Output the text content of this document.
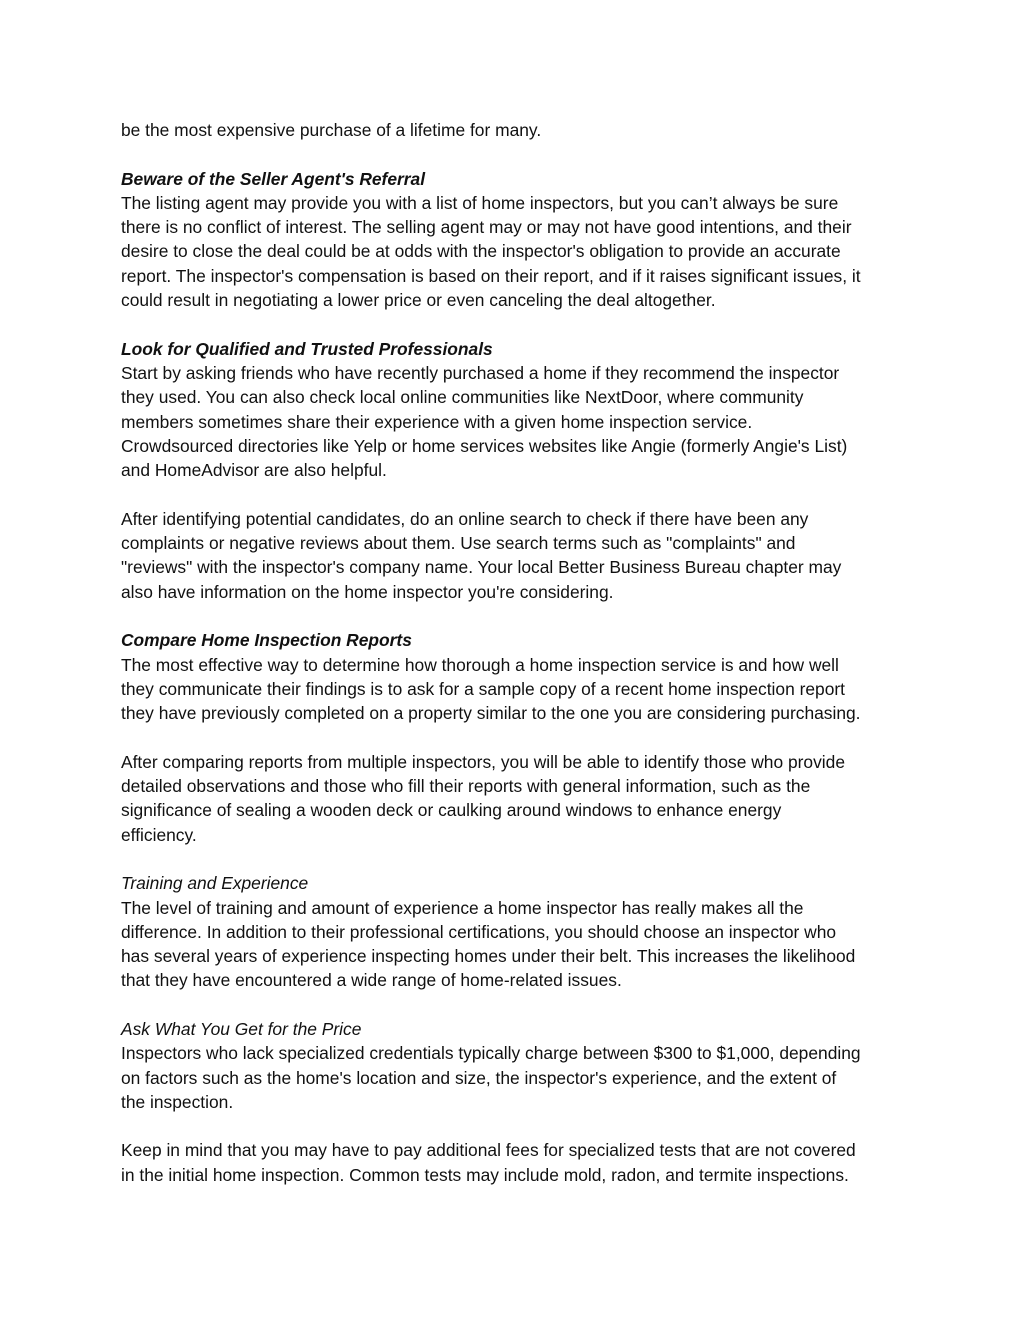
be the most expensive purchase of a lifetime for many.

Beware of the Seller Agent's Referral

The listing agent may provide you with a list of home inspectors, but you can’t always be sure
there is no conflict of interest. The selling agent may or may not have good intentions, and their
desire to close the deal could be at odds with the inspector's obligation to provide an accurate
report. The inspector's compensation is based on their report, and if it raises significant issues, it
could result in negotiating a lower price or even canceling the deal altogether.

Look for Qualified and Trusted Professionals

Start by asking friends who have recently purchased a home if they recommend the inspector
they used. You can also check local online communities like NextDoor, where community
members sometimes share their experience with a given home inspection service.
Crowdsourced directories like Yelp or home services websites like Angie (formerly Angie's List)
and HomeAdvisor are also helpful.

After identifying potential candidates, do an online search to check if there have been any
complaints or negative reviews about them. Use search terms such as "complaints" and
"reviews" with the inspector's company name. Your local Better Business Bureau chapter may
also have information on the home inspector you're considering.

Compare Home Inspection Reports

The most effective way to determine how thorough a home inspection service is and how well
they communicate their findings is to ask for a sample copy of a recent home inspection report
they have previously completed on a property similar to the one you are considering purchasing.

After comparing reports from multiple inspectors, you will be able to identify those who provide
detailed observations and those who fill their reports with general information, such as the
significance of sealing a wooden deck or caulking around windows to enhance energy
efficiency.

Training and Experience

The level of training and amount of experience a home inspector has really makes all the
difference. In addition to their professional certifications, you should choose an inspector who
has several years of experience inspecting homes under their belt. This increases the likelihood
that they have encountered a wide range of home-related issues.

Ask What You Get for the Price

Inspectors who lack specialized credentials typically charge between $300 to $1,000, depending
on factors such as the home's location and size, the inspector's experience, and the extent of
the inspection.

Keep in mind that you may have to pay additional fees for specialized tests that are not covered
in the initial home inspection. Common tests may include mold, radon, and termite inspections.
